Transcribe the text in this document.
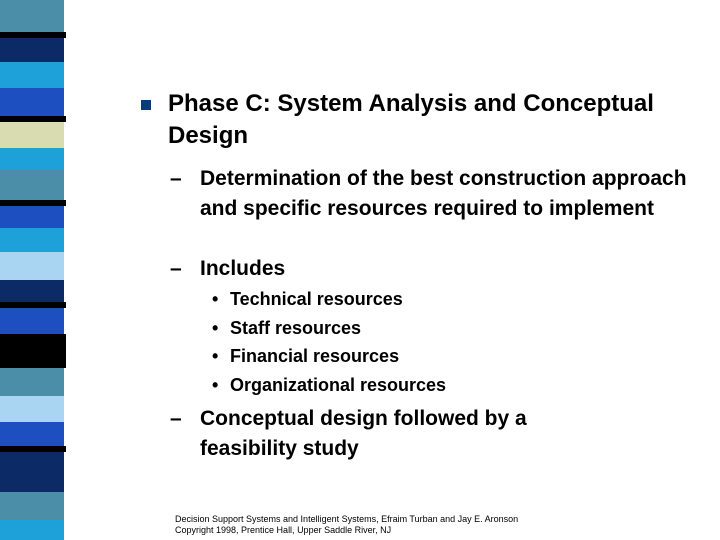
Phase C: System Analysis and Conceptual Design

– Determination of the best construction approach and specific resources required to implement
– Includes
• Technical resources
• Staff resources
• Financial resources
• Organizational resources
– Conceptual design followed by a feasibility study
Decision Support Systems and Intelligent Systems, Efraim Turban and Jay E. Aronson
Copyright 1998, Prentice Hall, Upper Saddle River, NJ
